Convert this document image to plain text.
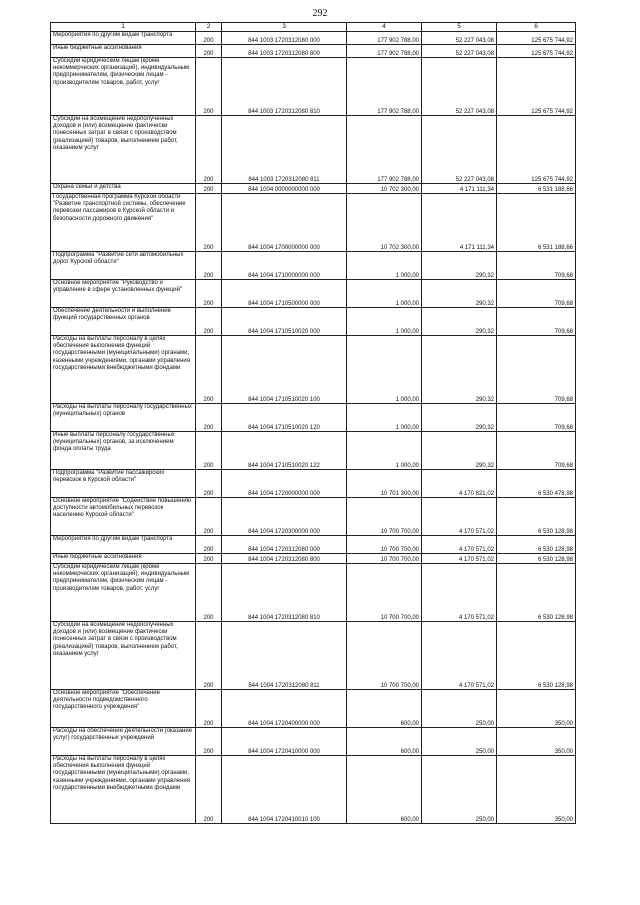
292
1	2	3	4	5	6
Мероприятия по другим видам транспорта	200	844 1003 1720312080 000	177 902 788,00	52 227 043,08	125 675 744,92
Иные бюджетные ассигнования	200	844 1003 1720312080 800	177 902 788,00	52 227 043,08	125 675 744,92
Субсидии юридическим лицам (кроме некоммерческих организаций), индивидуальным предпринимателям, физическим лицам - производителям товаров, работ, услуг	200	844 1003 1720312080 810	177 902 788,00	52 227 043,08	125 675 744,92
Субсидии на возмещение недополученных доходов и (или) возмещение фактически понесенных затрат в связи с производством (реализацией) товаров, выполнением работ, оказанием услуг	200	844 1003 1720312080 811	177 902 788,00	52 227 043,08	125 675 744,92
Охрана семьи и детства	200	844 1004 0000000000 000	10 702 300,00	4 171 111,34	6 531 188,66
Государственная программа Курской области "Развитие транспортной системы, обеспечение перевозки пассажиров в Курской области и безопасности дорожного движения"	200	844 1004 1700000000 000	10 702 300,00	4 171 111,34	6 531 188,66
Подпрограмма "Развитие сети автомобильных дорог Курской области"	200	844 1004 1710000000 000	1 000,00	290,32	709,68
Основное мероприятие "Руководство и управление в сфере установленных функций"	200	844 1004 1710500000 000	1 000,00	290,32	709,68
Обеспечение деятельности и выполнение функций государственных органов	200	844 1004 1710510020 000	1 000,00	290,32	709,68
Расходы на выплаты персоналу в целях обеспечения выполнения функций государственными (муниципальными) органами, казенными учреждениями, органами управления государственными внебюджетными фондами	200	844 1004 1710510020 100	1 000,00	290,32	709,68
Расходы на выплаты персоналу государственных (муниципальных) органов	200	844 1004 1710510020 120	1 000,00	290,32	709,68
Иные выплаты персоналу государственных (муниципальных) органов, за исключением фонда оплаты труда	200	844 1004 1710510020 122	1 000,00	290,32	709,68
Подпрограмма "Развитие пассажирских перевозок в Курской области"	200	844 1004 1720000000 000	10 701 300,00	4 170 821,02	6 530 478,98
Основное мероприятие "Содействие повышению доступности автомобильных перевозок населению Курской области"	200	844 1004 1720300000 000	10 700 700,00	4 170 571,02	6 530 128,98
Мероприятия по другим видам транспорта	200	844 1004 1720312080 000	10 700 700,00	4 170 571,02	6 530 128,98
Иные бюджетные ассигнования	200	844 1004 1720312080 800	10 700 700,00	4 170 571,02	6 530 128,98
Субсидии юридическим лицам (кроме некоммерческих организаций), индивидуальным предпринимателям, физическим лицам - производителям товаров, работ, услуг	200	844 1004 1720312080 810	10 700 700,00	4 170 571,02	6 530 128,98
Субсидии на возмещение недополученных доходов и (или) возмещение фактически понесенных затрат в связи с производством (реализацией) товаров, выполнением работ, оказанием услуг	200	844 1004 1720312080 811	10 700 700,00	4 170 571,02	6 530 128,98
Основное мероприятие "Обеспечение деятельности подведомственного государственного учреждения"	200	844 1004 1720400000 000	600,00	250,00	350,00
Расходы на обеспечение деятельности (оказание услуг) государственных учреждений	200	844 1004 1720410000 000	600,00	250,00	350,00
Расходы на выплаты персоналу в целях обеспечения выполнения функций государственными (муниципальными) органами, казенными учреждениями, органами управления государственными внебюджетными фондами	200	844 1004 1720410010 100	600,00	250,00	350,00
